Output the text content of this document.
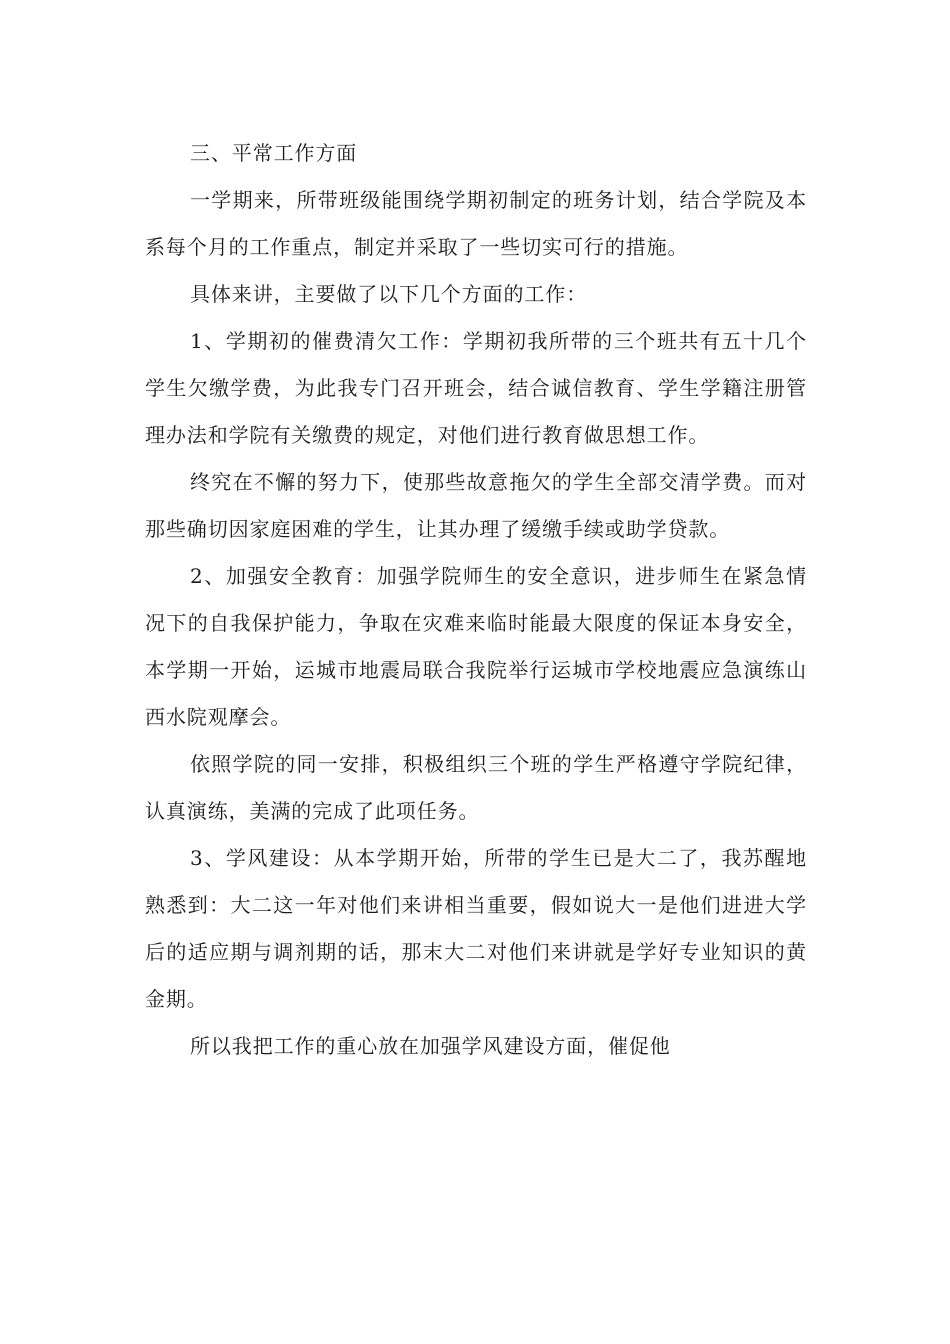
三、平常工作方面

一学期来，所带班级能围绕学期初制定的班务计划，结合学院及本系每个月的工作重点，制定并采取了一些切实可行的措施。

具体来讲，主要做了以下几个方面的工作：

1、学期初的催费清欠工作：学期初我所带的三个班共有五十几个学生欠缴学费，为此我专门召开班会，结合诚信教育、学生学籍注册管理办法和学院有关缴费的规定，对他们进行教育做思想工作。

终究在不懈的努力下，使那些故意拖欠的学生全部交清学费。而对那些确切因家庭困难的学生，让其办理了缓缴手续或助学贷款。

2、加强安全教育：加强学院师生的安全意识，进步师生在紧急情况下的自我保护能力，争取在灾难来临时能最大限度的保证本身安全，本学期一开始，运城市地震局联合我院举行运城市学校地震应急演练山西水院观摩会。

依照学院的同一安排，积极组织三个班的学生严格遵守学院纪律，认真演练，美满的完成了此项任务。

3、学风建设：从本学期开始，所带的学生已是大二了，我苏醒地熟悉到：大二这一年对他们来讲相当重要，假如说大一是他们进进大学后的适应期与调剂期的话，那末大二对他们来讲就是学好专业知识的黄金期。

所以我把工作的重心放在加强学风建设方面，催促他
